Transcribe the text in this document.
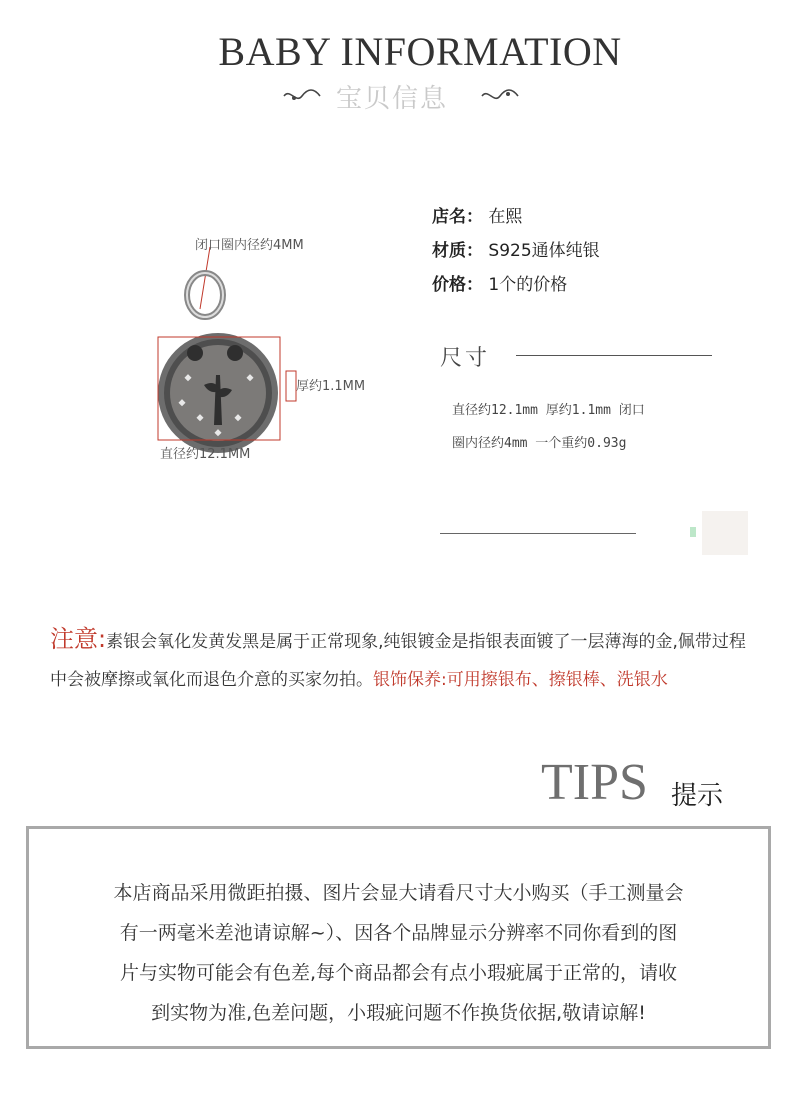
BABY INFORMATION
宝贝信息
闭口圈内径约4MM
厚约1.1MM
直径约12.1MM
店名： 在熙
材质： S925通体纯银
价格： 1个的价格
尺寸
直径约12.1mm 厚约1.1mm 闭口
圈内径约4mm 一个重约0.93g
注意:素银会氧化发黄发黑是属于正常现象,纯银镀金是指银表面镀了一层薄海的金,佩带过程中会被摩擦或氧化而退色介意的买家勿拍。银饰保养:可用擦银布、擦银棒、洗银水
TIPS 提示
本店商品采用微距拍摄、图片会显大请看尺寸大小购买（手工测量会
有一两毫米差池请谅解~）、因各个品牌显示分辨率不同你看到的图
片与实物可能会有色差,每个商品都会有点小瑕疵属于正常的，请收
到实物为准,色差问题，小瑕疵问题不作换货依据,敬请谅解!
